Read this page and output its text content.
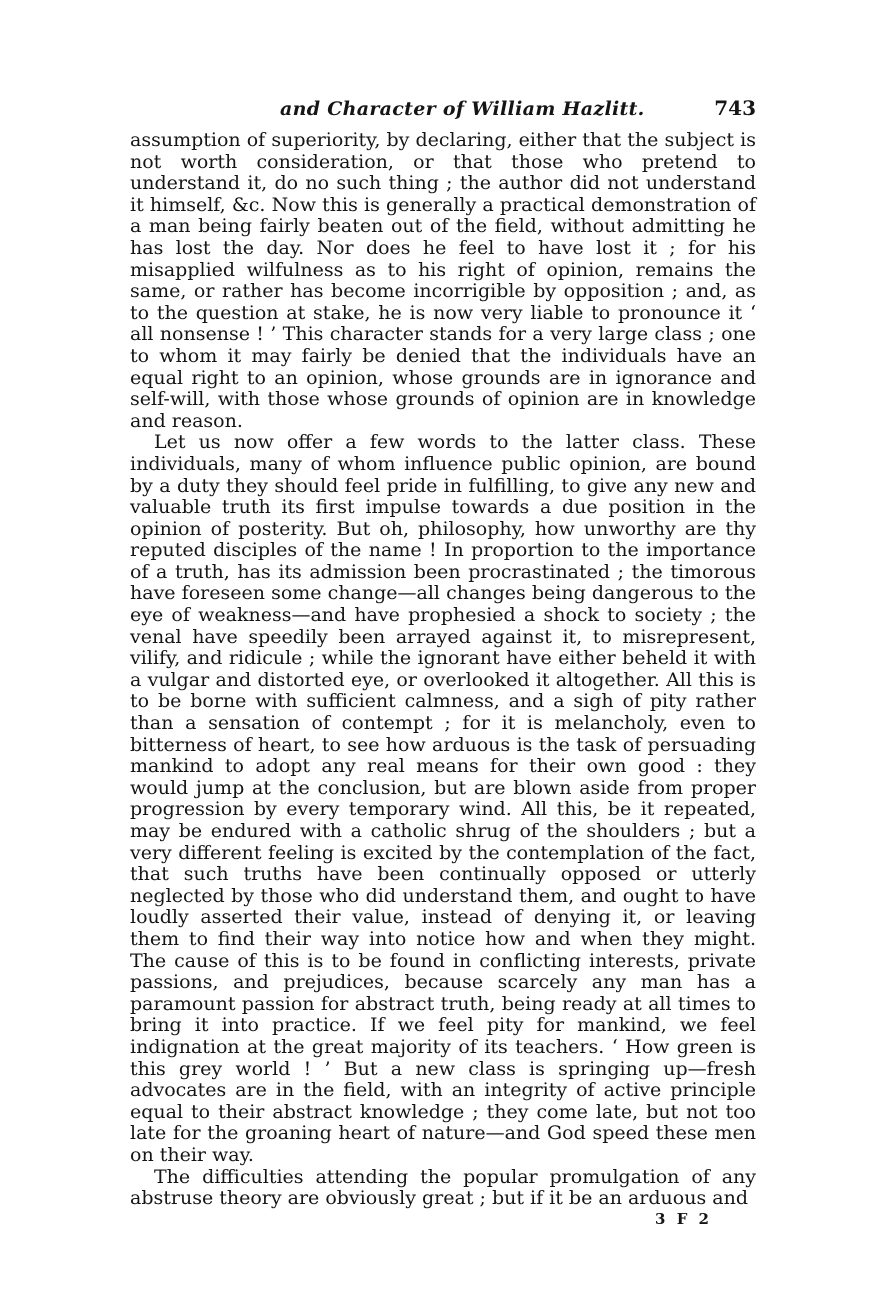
and Character of William Hazlitt.	743

assumption of superiority, by declaring, either that the subject is not worth consideration, or that those who pretend to understand it, do no such thing ; the author did not understand it himself, &c. Now this is generally a practical demonstration of a man being fairly beaten out of the field, without admitting he has lost the day. Nor does he feel to have lost it ; for his misapplied wilfulness as to his right of opinion, remains the same, or rather has become incorrigible by opposition ; and, as to the question at stake, he is now very liable to pronounce it ‘ all nonsense ! ’ This character stands for a very large class ; one to whom it may fairly be denied that the individuals have an equal right to an opinion, whose grounds are in ignorance and self-will, with those whose grounds of opinion are in knowledge and reason.

Let us now offer a few words to the latter class. These individuals, many of whom influence public opinion, are bound by a duty they should feel pride in fulfilling, to give any new and valuable truth its first impulse towards a due position in the opinion of posterity. But oh, philosophy, how unworthy are thy reputed disciples of the name ! In proportion to the importance of a truth, has its admission been procrastinated ; the timorous have foreseen some change—all changes being dangerous to the eye of weakness—and have prophesied a shock to society ; the venal have speedily been arrayed against it, to misrepresent, vilify, and ridicule ; while the ignorant have either beheld it with a vulgar and distorted eye, or overlooked it altogether. All this is to be borne with sufficient calmness, and a sigh of pity rather than a sensation of contempt ; for it is melancholy, even to bitterness of heart, to see how arduous is the task of persuading mankind to adopt any real means for their own good : they would jump at the conclusion, but are blown aside from proper progression by every temporary wind. All this, be it repeated, may be endured with a catholic shrug of the shoulders ; but a very different feeling is excited by the contemplation of the fact, that such truths have been continually opposed or utterly neglected by those who did understand them, and ought to have loudly asserted their value, instead of denying it, or leaving them to find their way into notice how and when they might. The cause of this is to be found in conflicting interests, private passions, and prejudices, because scarcely any man has a paramount passion for abstract truth, being ready at all times to bring it into practice. If we feel pity for mankind, we feel indignation at the great majority of its teachers. ‘ How green is this grey world ! ’ But a new class is springing up—fresh advocates are in the field, with an integrity of active principle equal to their abstract knowledge ; they come late, but not too late for the groaning heart of nature—and God speed these men on their way.

The difficulties attending the popular promulgation of any abstruse theory are obviously great ; but if it be an arduous and

3 F 2
